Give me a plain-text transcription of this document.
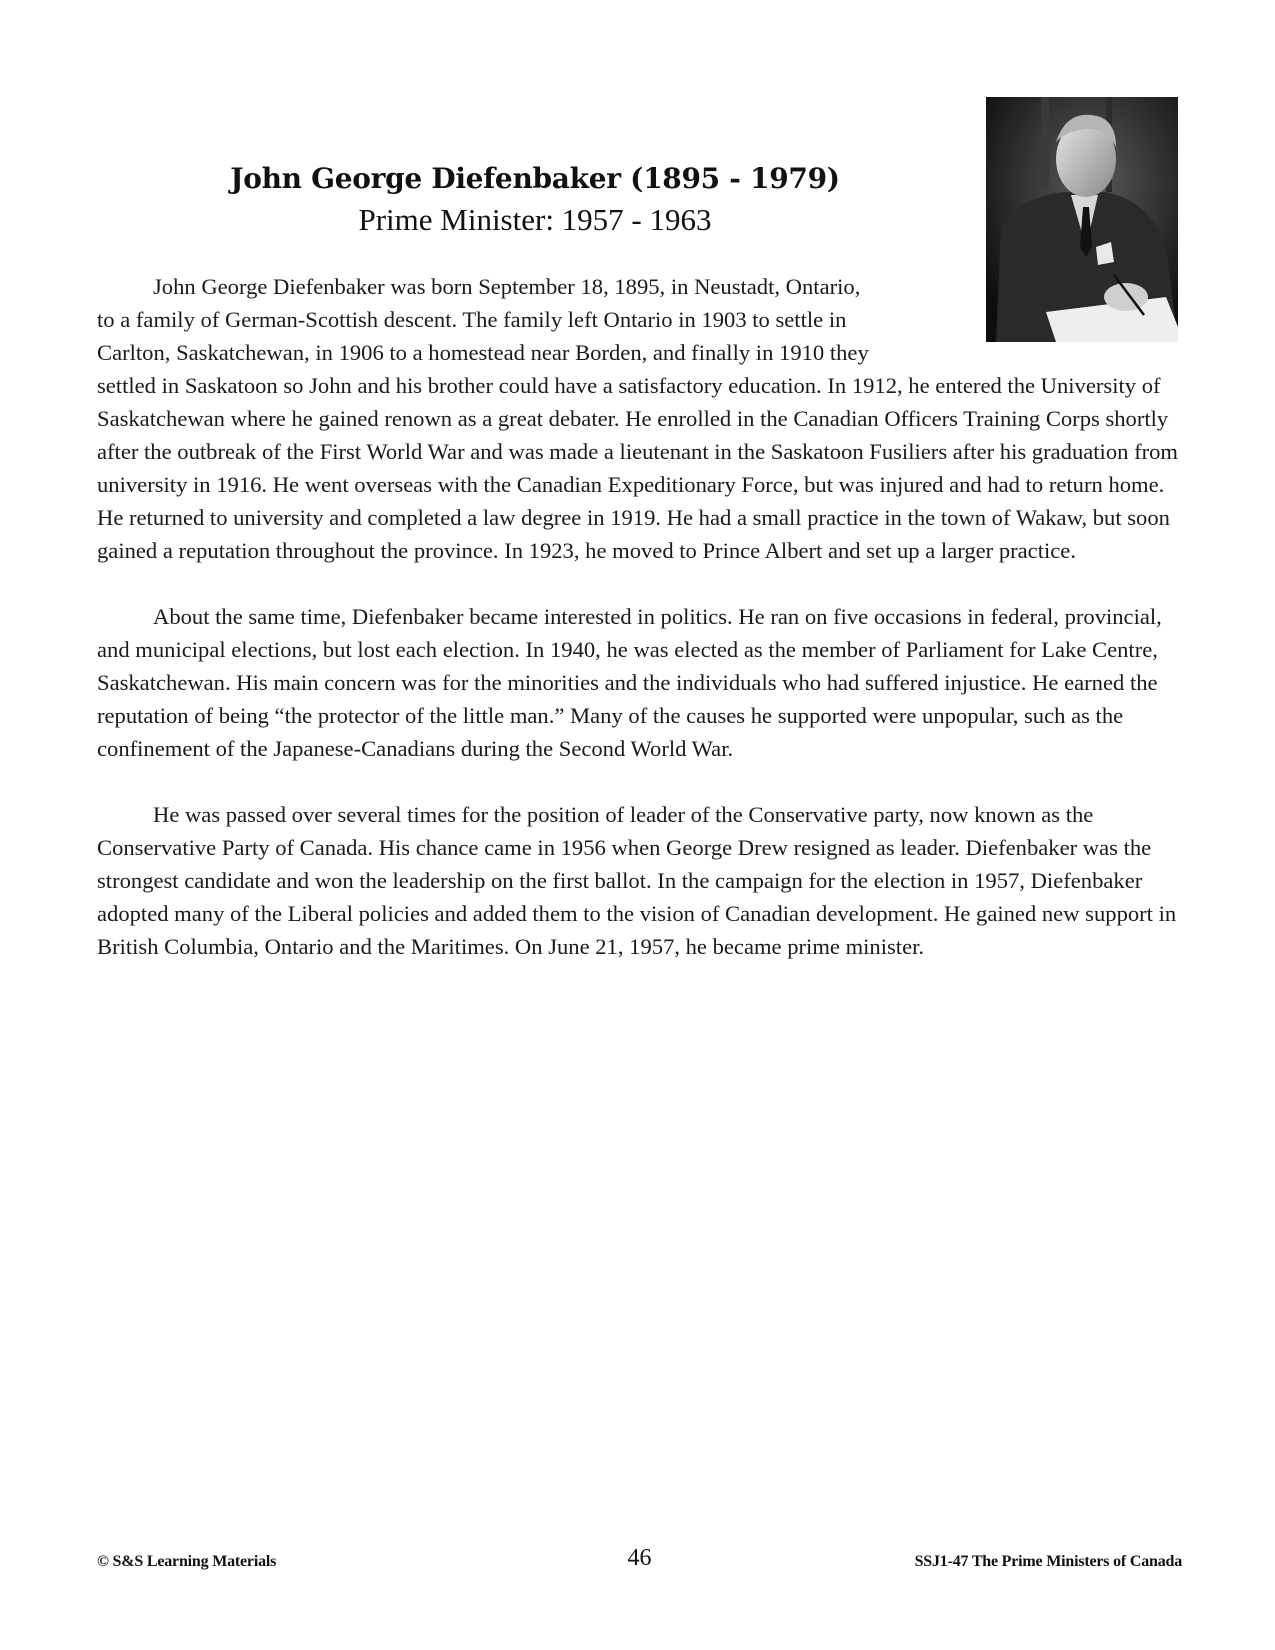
John George Diefenbaker (1895 - 1979)
Prime Minister: 1957 - 1963

John George Diefenbaker was born September 18, 1895, in Neustadt, Ontario, to a family of German-Scottish descent. The family left Ontario in 1903 to settle in Carlton, Saskatchewan, in 1906 to a homestead near Borden, and finally in 1910 they settled in Saskatoon so John and his brother could have a satisfactory education. In 1912, he entered the University of Saskatchewan where he gained renown as a great debater. He enrolled in the Canadian Officers Training Corps shortly after the outbreak of the First World War and was made a lieutenant in the Saskatoon Fusiliers after his graduation from university in 1916. He went overseas with the Canadian Expeditionary Force, but was injured and had to return home. He returned to university and completed a law degree in 1919. He had a small practice in the town of Wakaw, but soon gained a reputation throughout the province. In 1923, he moved to Prince Albert and set up a larger practice.

About the same time, Diefenbaker became interested in politics. He ran on five occasions in federal, provincial, and municipal elections, but lost each election. In 1940, he was elected as the member of Parliament for Lake Centre, Saskatchewan. His main concern was for the minorities and the individuals who had suffered injustice. He earned the reputation of being “the protector of the little man.” Many of the causes he supported were unpopular, such as the confinement of the Japanese-Canadians during the Second World War.

He was passed over several times for the position of leader of the Conservative party, now known as the Conservative Party of Canada. His chance came in 1956 when George Drew resigned as leader. Diefenbaker was the strongest candidate and won the leadership on the first ballot. In the campaign for the election in 1957, Diefenbaker adopted many of the Liberal policies and added them to the vision of Canadian development. He gained new support in British Columbia, Ontario and the Maritimes. On June 21, 1957, he became prime minister.

© S&S Learning Materials	46	SSJ1-47 The Prime Ministers of Canada
